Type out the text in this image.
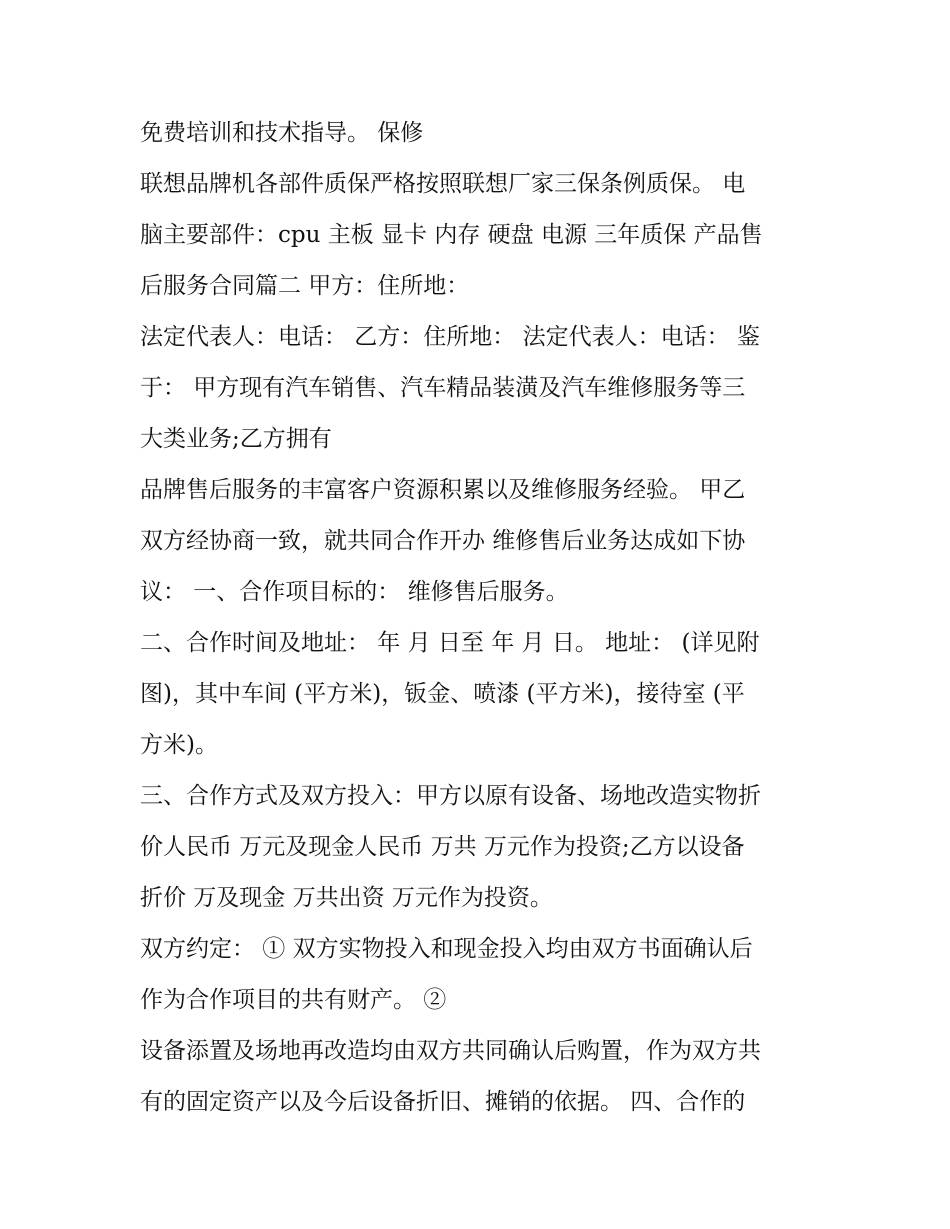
免费培训和技术指导。 保修
联想品牌机各部件质保严格按照联想厂家三保条例质保。 电
脑主要部件：cpu 主板 显卡 内存 硬盘 电源 三年质保 产品售
后服务合同篇二 甲方：住所地：
法定代表人：电话： 乙方：住所地： 法定代表人：电话： 鉴
于： 甲方现有汽车销售、汽车精品装潢及汽车维修服务等三
大类业务;乙方拥有
品牌售后服务的丰富客户资源积累以及维修服务经验。 甲乙
双方经协商一致，就共同合作开办 维修售后业务达成如下协
议： 一、合作项目标的： 维修售后服务。
二、合作时间及地址： 年 月 日至 年 月 日。 地址： (详见附
图)，其中车间 (平方米)，钣金、喷漆 (平方米)，接待室 (平
方米)。
三、合作方式及双方投入：甲方以原有设备、场地改造实物折
价人民币 万元及现金人民币 万共 万元作为投资;乙方以设备
折价 万及现金 万共出资 万元作为投资。
双方约定： ① 双方实物投入和现金投入均由双方书面确认后
作为合作项目的共有财产。 ②
设备添置及场地再改造均由双方共同确认后购置，作为双方共
有的固定资产以及今后设备折旧、摊销的依据。 四、合作的
